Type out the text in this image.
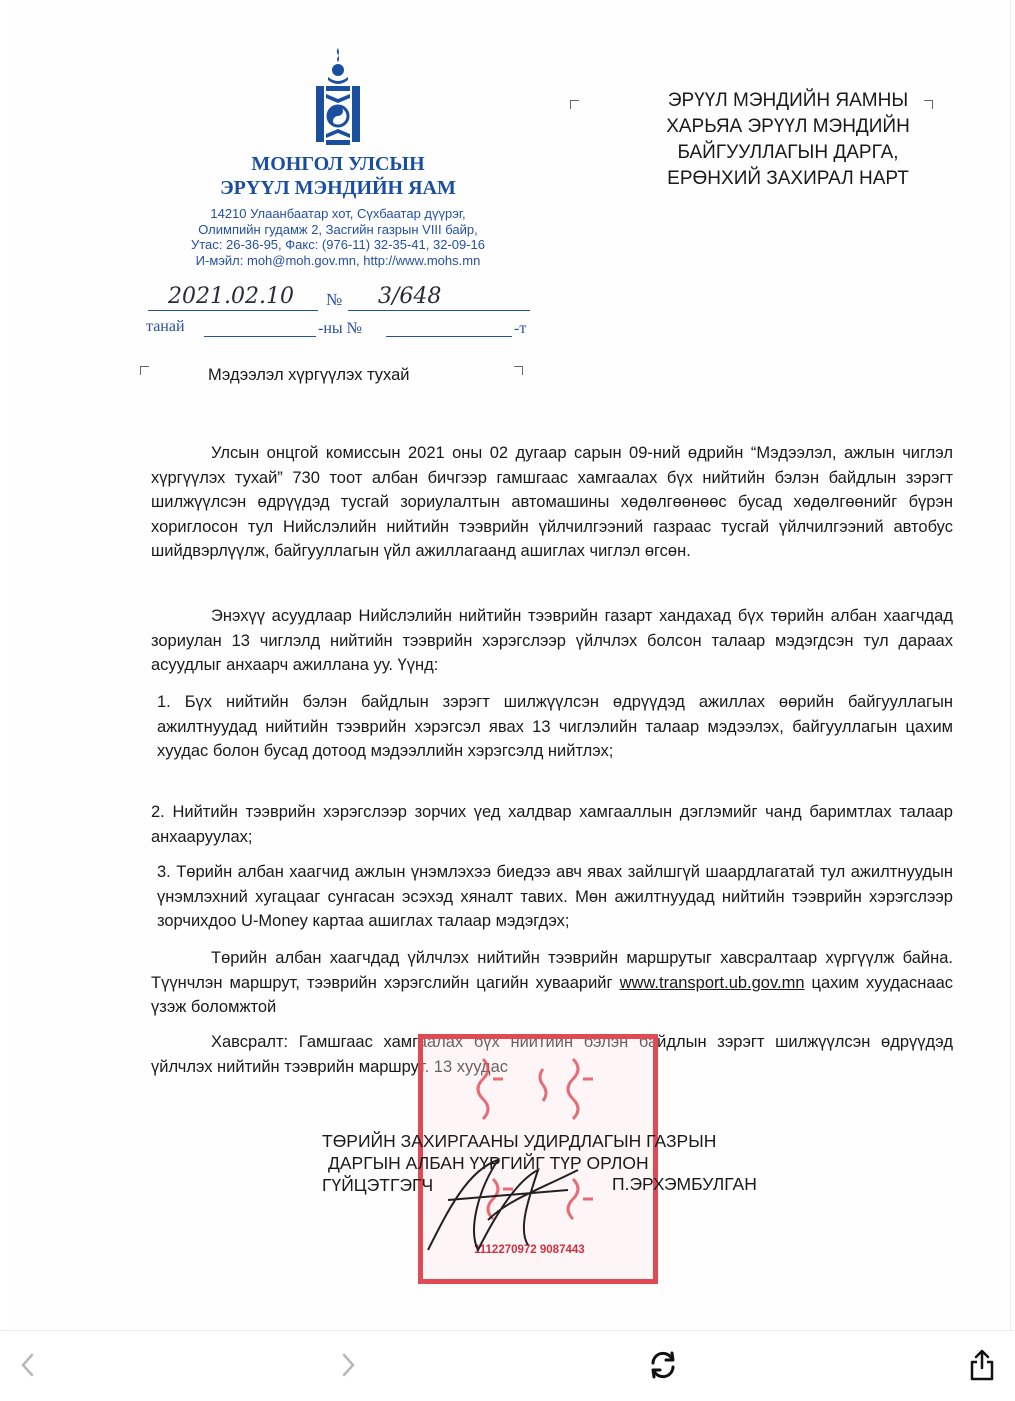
МОНГОЛ УЛСЫН
ЭРҮҮЛ МЭНДИЙН ЯАМ
14210 Улаанбаатар хот, Сүхбаатар дүүрэг,
Олимпийн гудамж 2, Засгийн газрын VIII байр,
Утас: 26-36-95, Факс: (976-11) 32-35-41, 32-09-16
И-мэйл: moh@moh.gov.mn, http://www.mohs.mn
2021.02.10 № 3/648
танай	-ны №	-т
ЭРҮҮЛ МЭНДИЙН ЯАМНЫ
ХАРЬЯА ЭРҮҮЛ МЭНДИЙН
БАЙГУУЛЛАГЫН ДАРГА,
ЕРӨНХИЙ ЗАХИРАЛ НАРТ
Мэдээлэл хүргүүлэх тухай
Улсын онцгой комиссын 2021 оны 02 дугаар сарын 09-ний өдрийн “Мэдээлэл, ажлын чиглэл хүргүүлэх тухай” 730 тоот албан бичгээр гамшгаас хамгаалах бүх нийтийн бэлэн байдлын зэрэгт шилжүүлсэн өдрүүдэд тусгай зориулалтын автомашины хөдөлгөөнөөс бусад хөдөлгөөнийг бүрэн хориглосон тул Нийслэлийн нийтийн тээврийн үйлчилгээний газраас тусгай үйлчилгээний автобус шийдвэрлүүлж, байгууллагын үйл ажиллагаанд ашиглах чиглэл өгсөн.
Энэхүү асуудлаар Нийслэлийн нийтийн тээврийн газарт хандахад бүх төрийн албан хаагчдад зориулан 13 чиглэлд нийтийн тээврийн хэрэгслээр үйлчлэх болсон талаар мэдэгдсэн тул дараах асуудлыг анхаарч ажиллана уу. Үүнд:
1. Бүх нийтийн бэлэн байдлын зэрэгт шилжүүлсэн өдрүүдэд ажиллах өөрийн байгууллагын ажилтнуудад нийтийн тээврийн хэрэгсэл явах 13 чиглэлийн талаар мэдээлэх, байгууллагын цахим хуудас болон бусад дотоод мэдээллийн хэрэгсэлд нийтлэх;
2. Нийтийн тээврийн хэрэгслээр зорчих үед халдвар хамгааллын дэглэмийг чанд баримтлах талаар анхааруулах;
3. Төрийн албан хаагчид ажлын үнэмлэхээ биедээ авч явах зайлшгүй шаардлагатай тул ажилтнуудын үнэмлэхний хугацааг сунгасан эсэхэд хяналт тавих. Мөн ажилтнуудад нийтийн тээврийн хэрэгслээр зорчихдоо U-Money картаа ашиглах талаар мэдэгдэх;
Төрийн албан хаагчдад үйлчлэх нийтийн тээврийн маршрутыг хавсралтаар хүргүүлж байна. Түүнчлэн маршрут, тээврийн хэрэгслийн цагийн хуваарийг www.transport.ub.gov.mn цахим хуудаснаас үзэж боломжтой
Хавсралт: Гамшгаас хамгаалах бүх нийтийн бэлэн байдлын зэрэгт шилжүүлсэн өдрүүдэд үйлчлэх нийтийн тээврийн маршрут. 13 хуудас
1112270972 9087443
ТӨРИЙН ЗАХИРГААНЫ УДИРДЛАГЫН ГАЗРЫН
ДАРГЫН АЛБАН ҮҮРГИЙГ ТҮР ОРЛОН
ГҮЙЦЭТГЭГЧ	П.ЭРХЭМБУЛГАН
